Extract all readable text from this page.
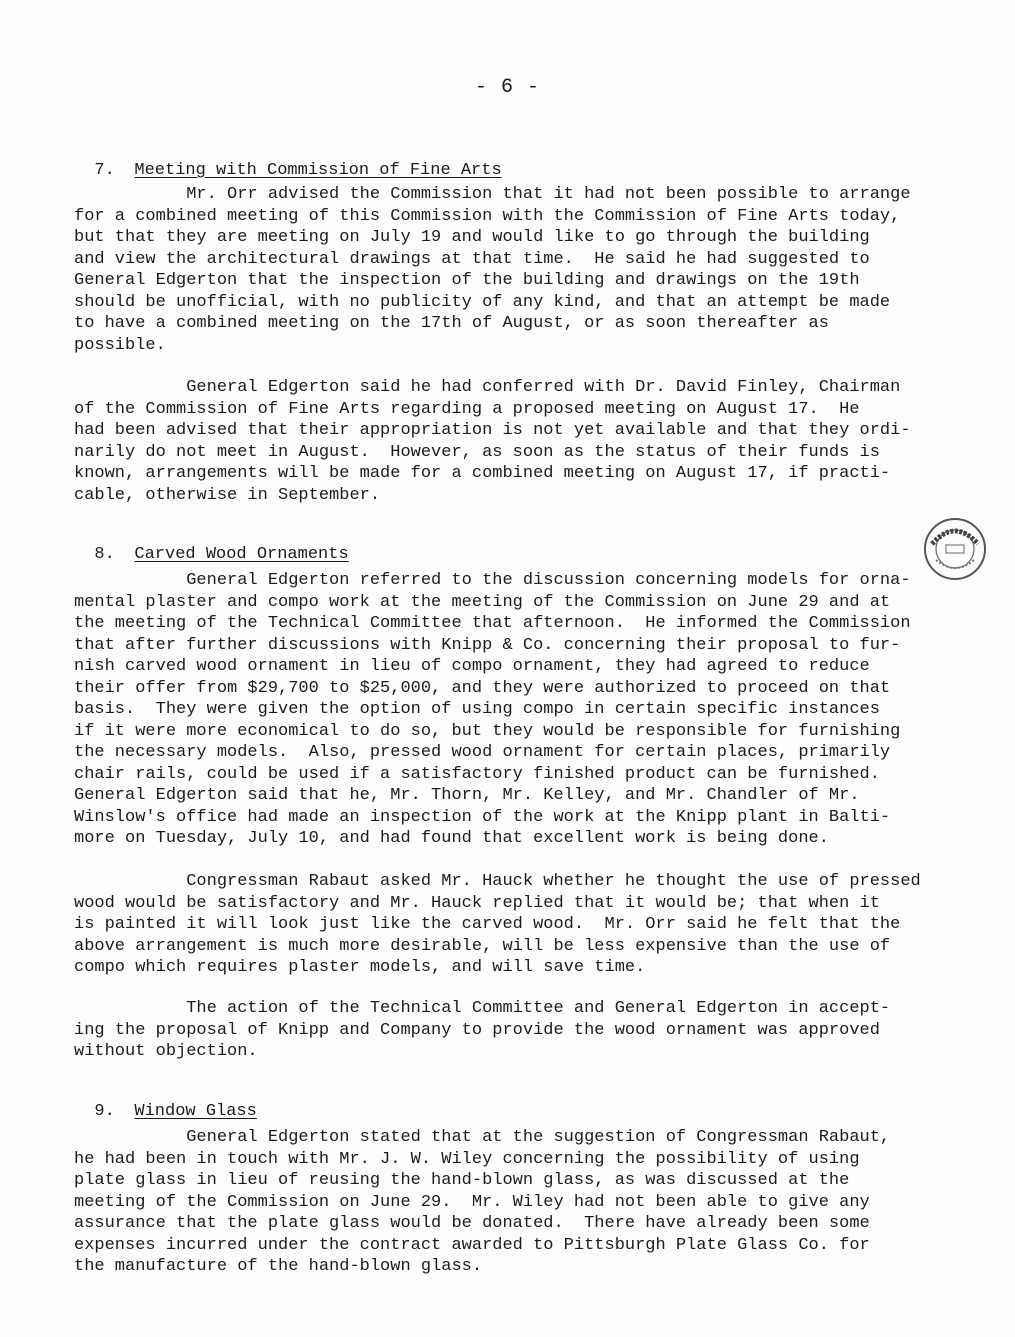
- 6 -

7. Meeting with Commission of Fine Arts

Mr. Orr advised the Commission that it had not been possible to arrange
for a combined meeting of this Commission with the Commission of Fine Arts today,
but that they are meeting on July 19 and would like to go through the building
and view the architectural drawings at that time.  He said he had suggested to
General Edgerton that the inspection of the building and drawings on the 19th
should be unofficial, with no publicity of any kind, and that an attempt be made
to have a combined meeting on the 17th of August, or as soon thereafter as
possible.
General Edgerton said he had conferred with Dr. David Finley, Chairman
of the Commission of Fine Arts regarding a proposed meeting on August 17.  He
had been advised that their appropriation is not yet available and that they ordi-
narily do not meet in August.  However, as soon as the status of their funds is
known, arrangements will be made for a combined meeting on August 17, if practi-
cable, otherwise in September.

8. Carved Wood Ornaments

General Edgerton referred to the discussion concerning models for orna-
mental plaster and compo work at the meeting of the Commission on June 29 and at
the meeting of the Technical Committee that afternoon.  He informed the Commission
that after further discussions with Knipp & Co. concerning their proposal to fur-
nish carved wood ornament in lieu of compo ornament, they had agreed to reduce
their offer from $29,700 to $25,000, and they were authorized to proceed on that
basis.  They were given the option of using compo in certain specific instances
if it were more economical to do so, but they would be responsible for furnishing
the necessary models.  Also, pressed wood ornament for certain places, primarily
chair rails, could be used if a satisfactory finished product can be furnished.
General Edgerton said that he, Mr. Thorn, Mr. Kelley, and Mr. Chandler of Mr.
Winslow's office had made an inspection of the work at the Knipp plant in Balti-
more on Tuesday, July 10, and had found that excellent work is being done.
Congressman Rabaut asked Mr. Hauck whether he thought the use of pressed
wood would be satisfactory and Mr. Hauck replied that it would be; that when it
is painted it will look just like the carved wood.  Mr. Orr said he felt that the
above arrangement is much more desirable, will be less expensive than the use of
compo which requires plaster models, and will save time.
The action of the Technical Committee and General Edgerton in accept-
ing the proposal of Knipp and Company to provide the wood ornament was approved
without objection.

9. Window Glass

General Edgerton stated that at the suggestion of Congressman Rabaut,
he had been in touch with Mr. J. W. Wiley concerning the possibility of using
plate glass in lieu of reusing the hand-blown glass, as was discussed at the
meeting of the Commission on June 29.  Mr. Wiley had not been able to give any
assurance that the plate glass would be donated.  There have already been some
expenses incurred under the contract awarded to Pittsburgh Plate Glass Co. for
the manufacture of the hand-blown glass.
